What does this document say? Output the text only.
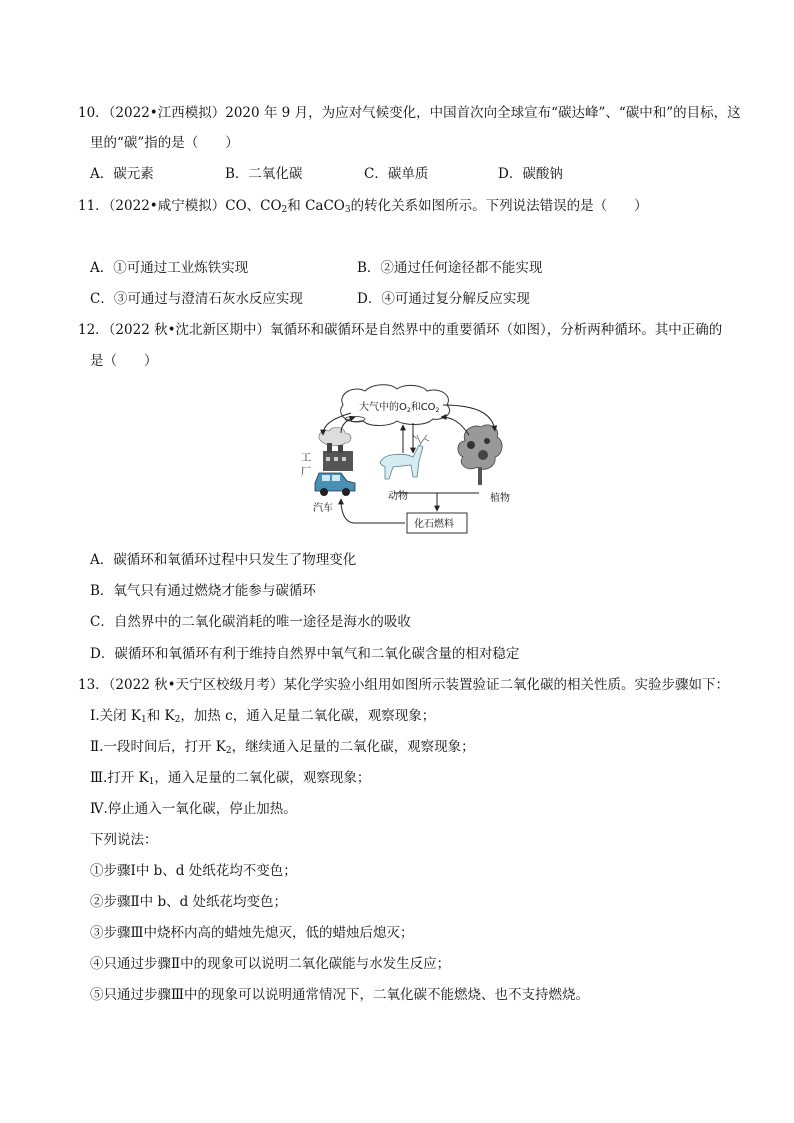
10．（2022•江西模拟）2020 年 9 月，为应对气候变化，中国首次向全球宣布“碳达峰”、“碳中和”的目标，这
里的“碳”指的是（　　）
A．碳元素	B．二氧化碳	C．碳单质	D．碳酸钠
11．（2022•咸宁模拟）CO、$CO_2$和 CaCO$_3$的转化关系如图所示。下列说法错误的是（　　）
A．①可通过工业炼铁实现	B．②通过任何途径都不能实现
C．③可通过与澄清石灰水反应实现	D．④可通过复分解反应实现
12．（2022 秋•沈北新区期中）氧循环和碳循环是自然界中的重要循环（如图），分析两种循环。其中正确的
是（　　）
大气中的$O_2$和$CO_2$
工
厂
汽车
动物	植物
化石燃料
A．碳循环和氧循环过程中只发生了物理变化
B．氧气只有通过燃烧才能参与碳循环
C．自然界中的二氧化碳消耗的唯一途径是海水的吸收
D．碳循环和氧循环有利于维持自然界中氧气和二氧化碳含量的相对稳定
13．（2022 秋•天宁区校级月考）某化学实验小组用如图所示装置验证二氧化碳的相关性质。实验步骤如下：
Ⅰ.关闭 $K_1$和 $K_2$，加热 c，通入足量二氧化碳，观察现象；
Ⅱ.一段时间后，打开 $K_2$，继续通入足量的二氧化碳，观察现象；
Ⅲ.打开 $K_1$，通入足量的二氧化碳，观察现象；
Ⅳ.停止通入一氧化碳，停止加热。
下列说法：
①步骤Ⅰ中 b、d 处纸花均不变色；
②步骤Ⅱ中 b、d 处纸花均变色；
③步骤Ⅲ中烧杯内高的蜡烛先熄灭，低的蜡烛后熄灭；
④只通过步骤Ⅱ中的现象可以说明二氧化碳能与水发生反应；
⑤只通过步骤Ⅲ中的现象可以说明通常情况下，二氧化碳不能燃烧、也不支持燃烧。
